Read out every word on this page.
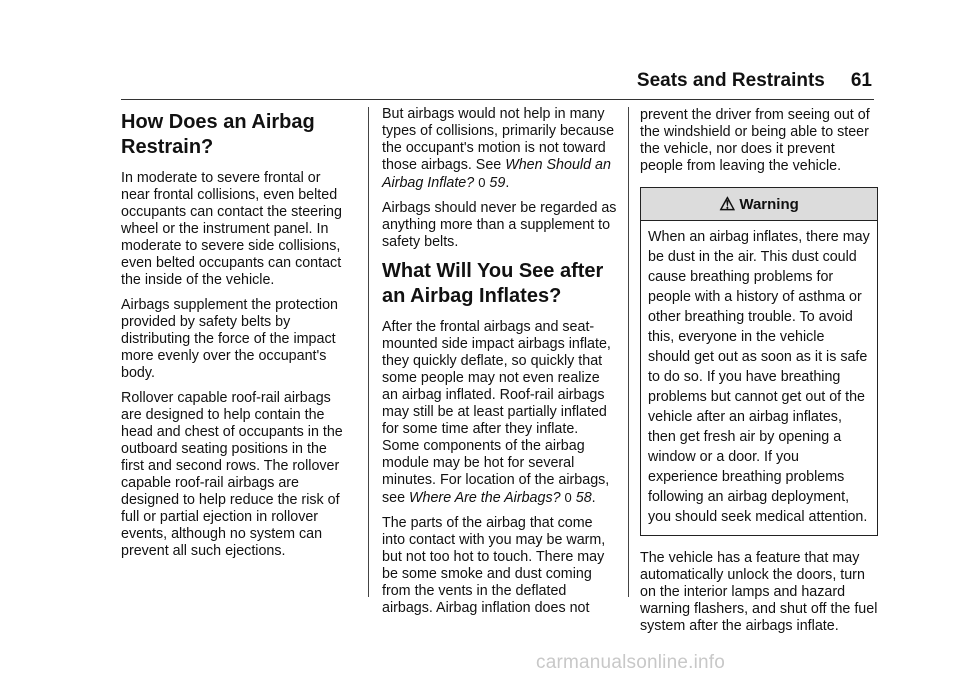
Seats and Restraints 61
How Does an Airbag Restrain?

In moderate to severe frontal or near frontal collisions, even belted occupants can contact the steering wheel or the instrument panel. In moderate to severe side collisions, even belted occupants can contact the inside of the vehicle.

Airbags supplement the protection provided by safety belts by distributing the force of the impact more evenly over the occupant's body.

Rollover capable roof-rail airbags are designed to help contain the head and chest of occupants in the outboard seating positions in the first and second rows. The rollover capable roof-rail airbags are designed to help reduce the risk of full or partial ejection in rollover events, although no system can prevent all such ejections.

But airbags would not help in many types of collisions, primarily because the occupant's motion is not toward those airbags. See When Should an Airbag Inflate? 0 59.

Airbags should never be regarded as anything more than a supplement to safety belts.

What Will You See after an Airbag Inflates?

After the frontal airbags and seat-mounted side impact airbags inflate, they quickly deflate, so quickly that some people may not even realize an airbag inflated. Roof-rail airbags may still be at least partially inflated for some time after they inflate. Some components of the airbag module may be hot for several minutes. For location of the airbags, see Where Are the Airbags? 0 58.

The parts of the airbag that come into contact with you may be warm, but not too hot to touch. There may be some smoke and dust coming from the vents in the deflated airbags. Airbag inflation does not

prevent the driver from seeing out of the windshield or being able to steer the vehicle, nor does it prevent people from leaving the vehicle.

⚠ Warning
When an airbag inflates, there may be dust in the air. This dust could cause breathing problems for people with a history of asthma or other breathing trouble. To avoid this, everyone in the vehicle should get out as soon as it is safe to do so. If you have breathing problems but cannot get out of the vehicle after an airbag inflates, then get fresh air by opening a window or a door. If you experience breathing problems following an airbag deployment, you should seek medical attention.

The vehicle has a feature that may automatically unlock the doors, turn on the interior lamps and hazard warning flashers, and shut off the fuel system after the airbags inflate.

carmanualsonline.info
